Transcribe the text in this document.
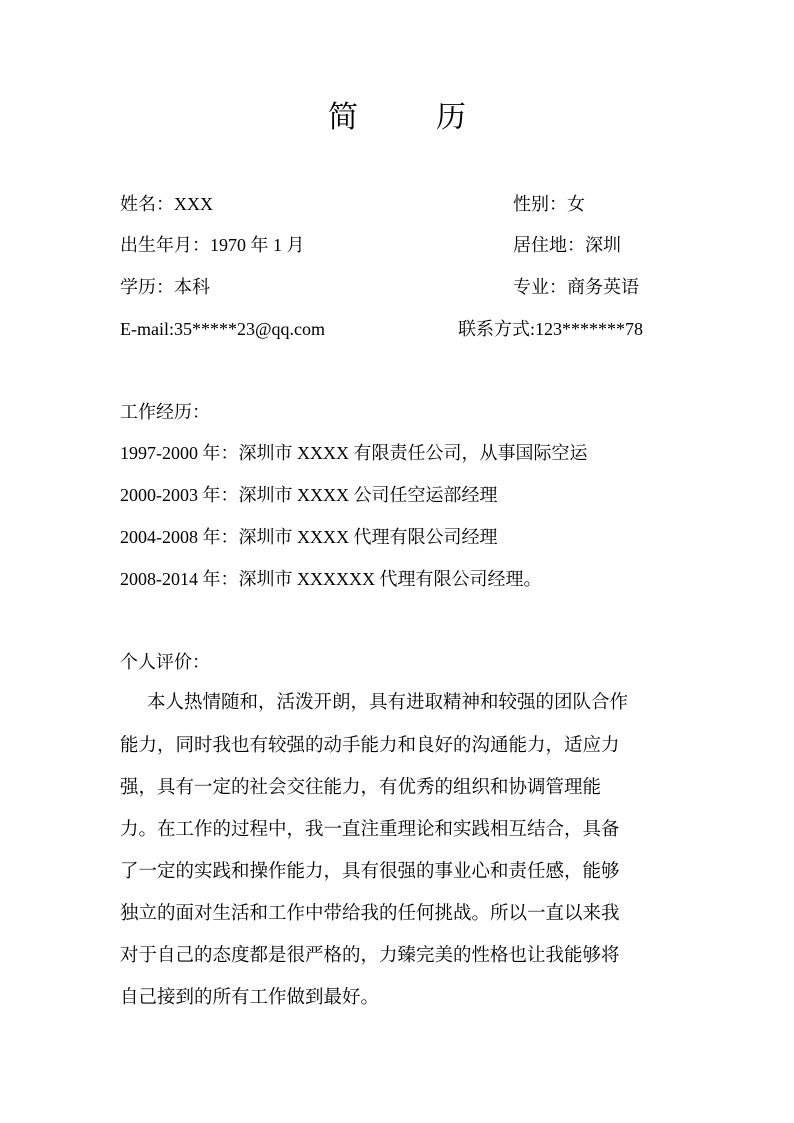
简　历
姓名：XXX	性别：女
出生年月：1970 年 1 月	居住地：深圳
学历：本科	专业：商务英语
E-mail:35*****23@qq.com	联系方式:123*******78
工作经历：
1997-2000 年：深圳市 XXXX 有限责任公司，从事国际空运
2000-2003 年：深圳市 XXXX 公司任空运部经理
2004-2008 年：深圳市 XXXX 代理有限公司经理
2008-2014 年：深圳市 XXXXXX 代理有限公司经理。
个人评价：
本人热情随和，活泼开朗，具有进取精神和较强的团队合作
能力，同时我也有较强的动手能力和良好的沟通能力，适应力
强，具有一定的社会交往能力，有优秀的组织和协调管理能
力。在工作的过程中，我一直注重理论和实践相互结合，具备
了一定的实践和操作能力，具有很强的事业心和责任感，能够
独立的面对生活和工作中带给我的任何挑战。所以一直以来我
对于自己的态度都是很严格的，力臻完美的性格也让我能够将
自己接到的所有工作做到最好。
